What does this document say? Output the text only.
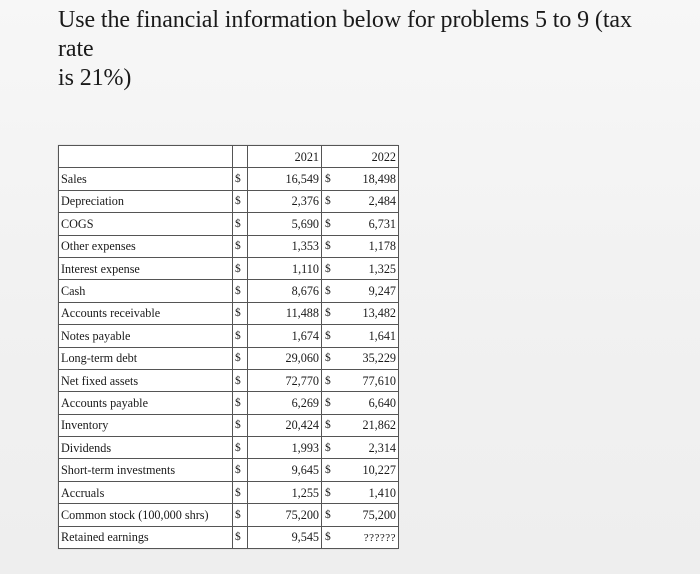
Use the financial information below for problems 5 to 9 (tax rate
is 21%)
		2021	2022
Sales	$	16,549	$ 18,498
Depreciation	$	2,376	$ 2,484
COGS	$	5,690	$ 6,731
Other expenses	$	1,353	$ 1,178
Interest expense	$	1,110	$ 1,325
Cash	$	8,676	$ 9,247
Accounts receivable	$	11,488	$ 13,482
Notes payable	$	1,674	$ 1,641
Long-term debt	$	29,060	$ 35,229
Net fixed assets	$	72,770	$ 77,610
Accounts payable	$	6,269	$ 6,640
Inventory	$	20,424	$ 21,862
Dividends	$	1,993	$ 2,314
Short-term investments	$	9,645	$ 10,227
Accruals	$	1,255	$ 1,410
Common stock (100,000 shrs)	$	75,200	$ 75,200
Retained earnings	$	9,545	$ ??????
